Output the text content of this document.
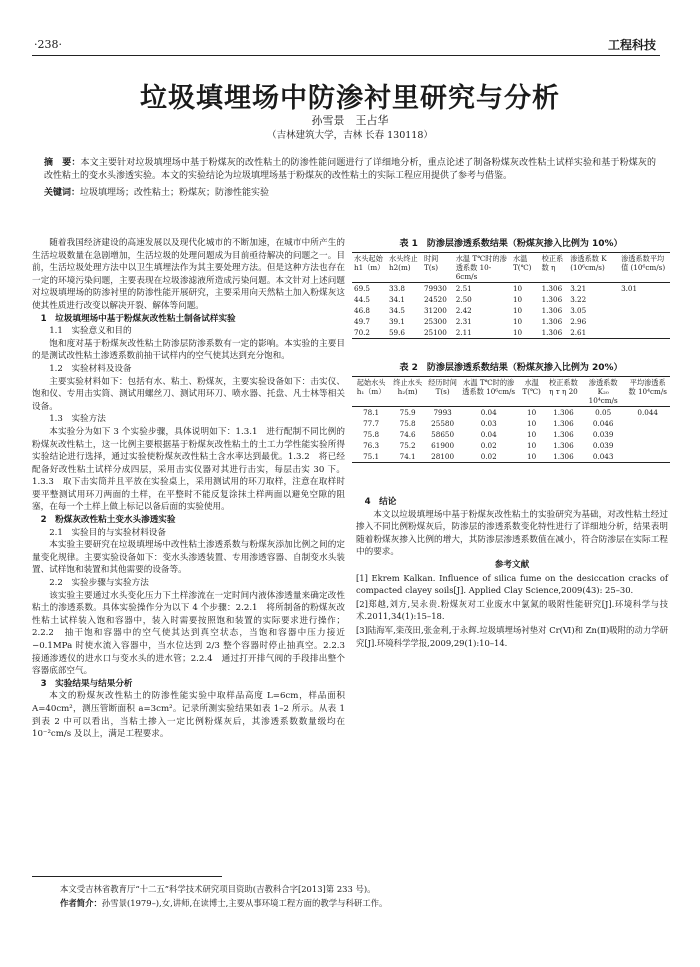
·238·	工程科技
垃圾填埋场中防渗衬里研究与分析
孙雪景　王占华
（吉林建筑大学，吉林 长春 130118）
摘　要：本文主要针对垃圾填埋场中基于粉煤灰的改性粘土的防渗性能问题进行了详细地分析，重点论述了制备粉煤灰改性粘土试样实验和基于粉煤灰的改性粘土的变水头渗透实验。本文的实验结论为垃圾填埋场基于粉煤灰的改性粘土的实际工程应用提供了参考与借鉴。
关键词：垃圾填埋场；改性粘土；粉煤灰；防渗性能实验

随着我国经济建设的高速发展以及现代化城市的不断加速，在城市中所产生的生活垃圾数量在急剧增加，生活垃圾的处理问题成为目前亟待解决的问题之一。目前，生活垃圾处理方法中以卫生填埋法作为其主要处理方法。但是这种方法也存在一定的环境污染问题，主要表现在垃圾渗滤液所造成污染问题。本文针对上述问题对垃圾填埋场的防渗衬里的防渗性能开展研究，主要采用向天然粘土加入粉煤灰这使其性质进行改变以解决开裂、解体等问题。

1　垃圾填埋场中基于粉煤灰改性粘土制备试样实验

1.1　实验意义和目的

饱和度对基于粉煤灰改性粘土防渗层防渗系数有一定的影响。本实验的主要目的是测试改性粘土渗透系数前抽干试样内的空气使其达到充分饱和。

1.2　实验材料及设备

主要实验材料如下：包括有水、粘土、粉煤灰，主要实验设备如下：击实仪、饱和仪、专用击实筒、测试用螺丝刀、测试用环刀、喷水器、托盘、凡士林等相关设备。

1.3　实验方法

本实验分为如下 3 个实验步骤，具体说明如下：1.3.1　进行配制不同比例的粉煤灰改性粘土，这一比例主要根据基于粉煤灰改性粘土的土工力学性能实验所得实验结论进行选择，通过实验使粉煤灰改性粘土含水率达到最优。1.3.2　将已经配备好改性粘土试样分成四层，采用击实仪器对其进行击实，每层击实 30 下。1.3.3　取下击实筒并且平放在实验桌上，采用测试用的环刀取样，注意在取样时要平整测试用环刀两面的土样，在平整时不能反复涂抹土样两面以避免空隙的阻塞，在每一个土样上做上标记以备后面的实验使用。

2　粉煤灰改性粘土变水头渗透实验

2.1　实验目的与实验材料设备

本实验主要研究在垃圾填埋场中改性粘土渗透系数与粉煤灰添加比例之间的定量变化规律。主要实验设备如下：变水头渗透装置、专用渗透容器、自制变水头装置、试样饱和装置和其他需要的设备等。

2.2　实验步骤与实验方法

该实验主要通过水头变化压力下土样渗流在一定时间内液体渗透量来确定改性粘土的渗透系数。具体实验操作分为以下 4 个步骤：2.2.1　将所制备的粉煤灰改性粘土试样装入饱和容器中，装入时需要按照饱和装置的实际要求进行操作；2.2.2　抽干饱和容器中的空气使其达到真空状态，当饱和容器中压力接近 −0.1MPa 时使水流入容器中，当水位达到 2/3 整个容器时停止抽真空。2.2.3　接通渗透仪的进水口与变水头的进水管；2.2.4　通过打开排气阀的手段排出整个容器底部空气。

3　实验结果与结果分析

本文的粉煤灰改性粘土的防渗性能实验中取样品高度 L=6cm，样品面积 A=40cm²，测压管断面积 a=3cm²。记录所测实验结果如表 1–2 所示。从表 1 到表 2 中可以看出，当粘土掺入一定比例粉煤灰后，其渗透系数数量级均在 10⁻²cm/s 及以上，满足工程要求。

表 1　防渗层渗透系数结果（粉煤灰掺入比例为 10%）
水头起始 h1（m）	水头终止 h2(m)	时间 T(s)	水温 T℃时的渗透系数 10-6cm/s	水温 T(℃)	校正系数 η	渗透系数 K (10⁶cm/s)	渗透系数平均值 (10⁶cm/s)
69.5	33.8	79930	2.51	10	1.306	3.21	3.01
44.5	34.1	24520	2.50	10	1.306	3.22	
46.8	34.5	31200	2.42	10	1.306	3.05	
49.7	39.1	25300	2.31	10	1.306	2.96	
70.2	59.6	25100	2.11	10	1.306	2.61	
表 2　防渗层渗透系数结果（粉煤灰掺入比例为 20%）
起始水头 h₁（m）	终止水头 h₂(m)	经历时间 T(s)	水温 T℃时的渗透系数 10⁶cm/s	水温 T(℃)	校正系数 η т η 20	渗透系数 K₂₀ 10⁴cm/s	平均渗透系数 10⁴cm/s
78.1	75.9	7993	0.04	10	1.306	0.05	0.044
77.7	75.8	25580	0.03	10	1.306	0.046	
75.8	74.6	58650	0.04	10	1.306	0.039	
76.3	75.2	61900	0.02	10	1.306	0.039	
75.1	74.1	28100	0.02	10	1.306	0.043	

4　结论

本文以垃圾填埋场中基于粉煤灰改性粘土的实验研究为基础，对改性粘土经过掺入不同比例粉煤灰后，防渗层的渗透系数变化特性进行了详细地分析，结果表明随着粉煤灰掺入比例的增大，其防渗层渗透系数值在减小，符合防渗层在实际工程中的要求。

参考文献

[1] Ekrem Kalkan. Influence of silica fume on the desiccation cracks of compacted clayey soils[J]. Applied Clay Science,2009(43): 25–30.

[2]郑越,刘方,吴永贵.粉煤灰对工业废水中氯氮的吸附性能研究[J].环境科学与技术.2011,34(1):15–18.

[3]陆海军,栾茂田,张金利,于永辉.垃圾填埋场衬垫对 Cr(Ⅵ)和 Zn(Ⅱ)吸附的动力学研究[J].环境科学学报,2009,29(1):10–14.

本文受吉林省教育厅“十二五”科学技术研究项目资助(吉教科合字[2013]第 233 号)。
作者简介：孙雪景(1979–),女,讲师,在读博士,主要从事环境工程方面的教学与科研工作。
